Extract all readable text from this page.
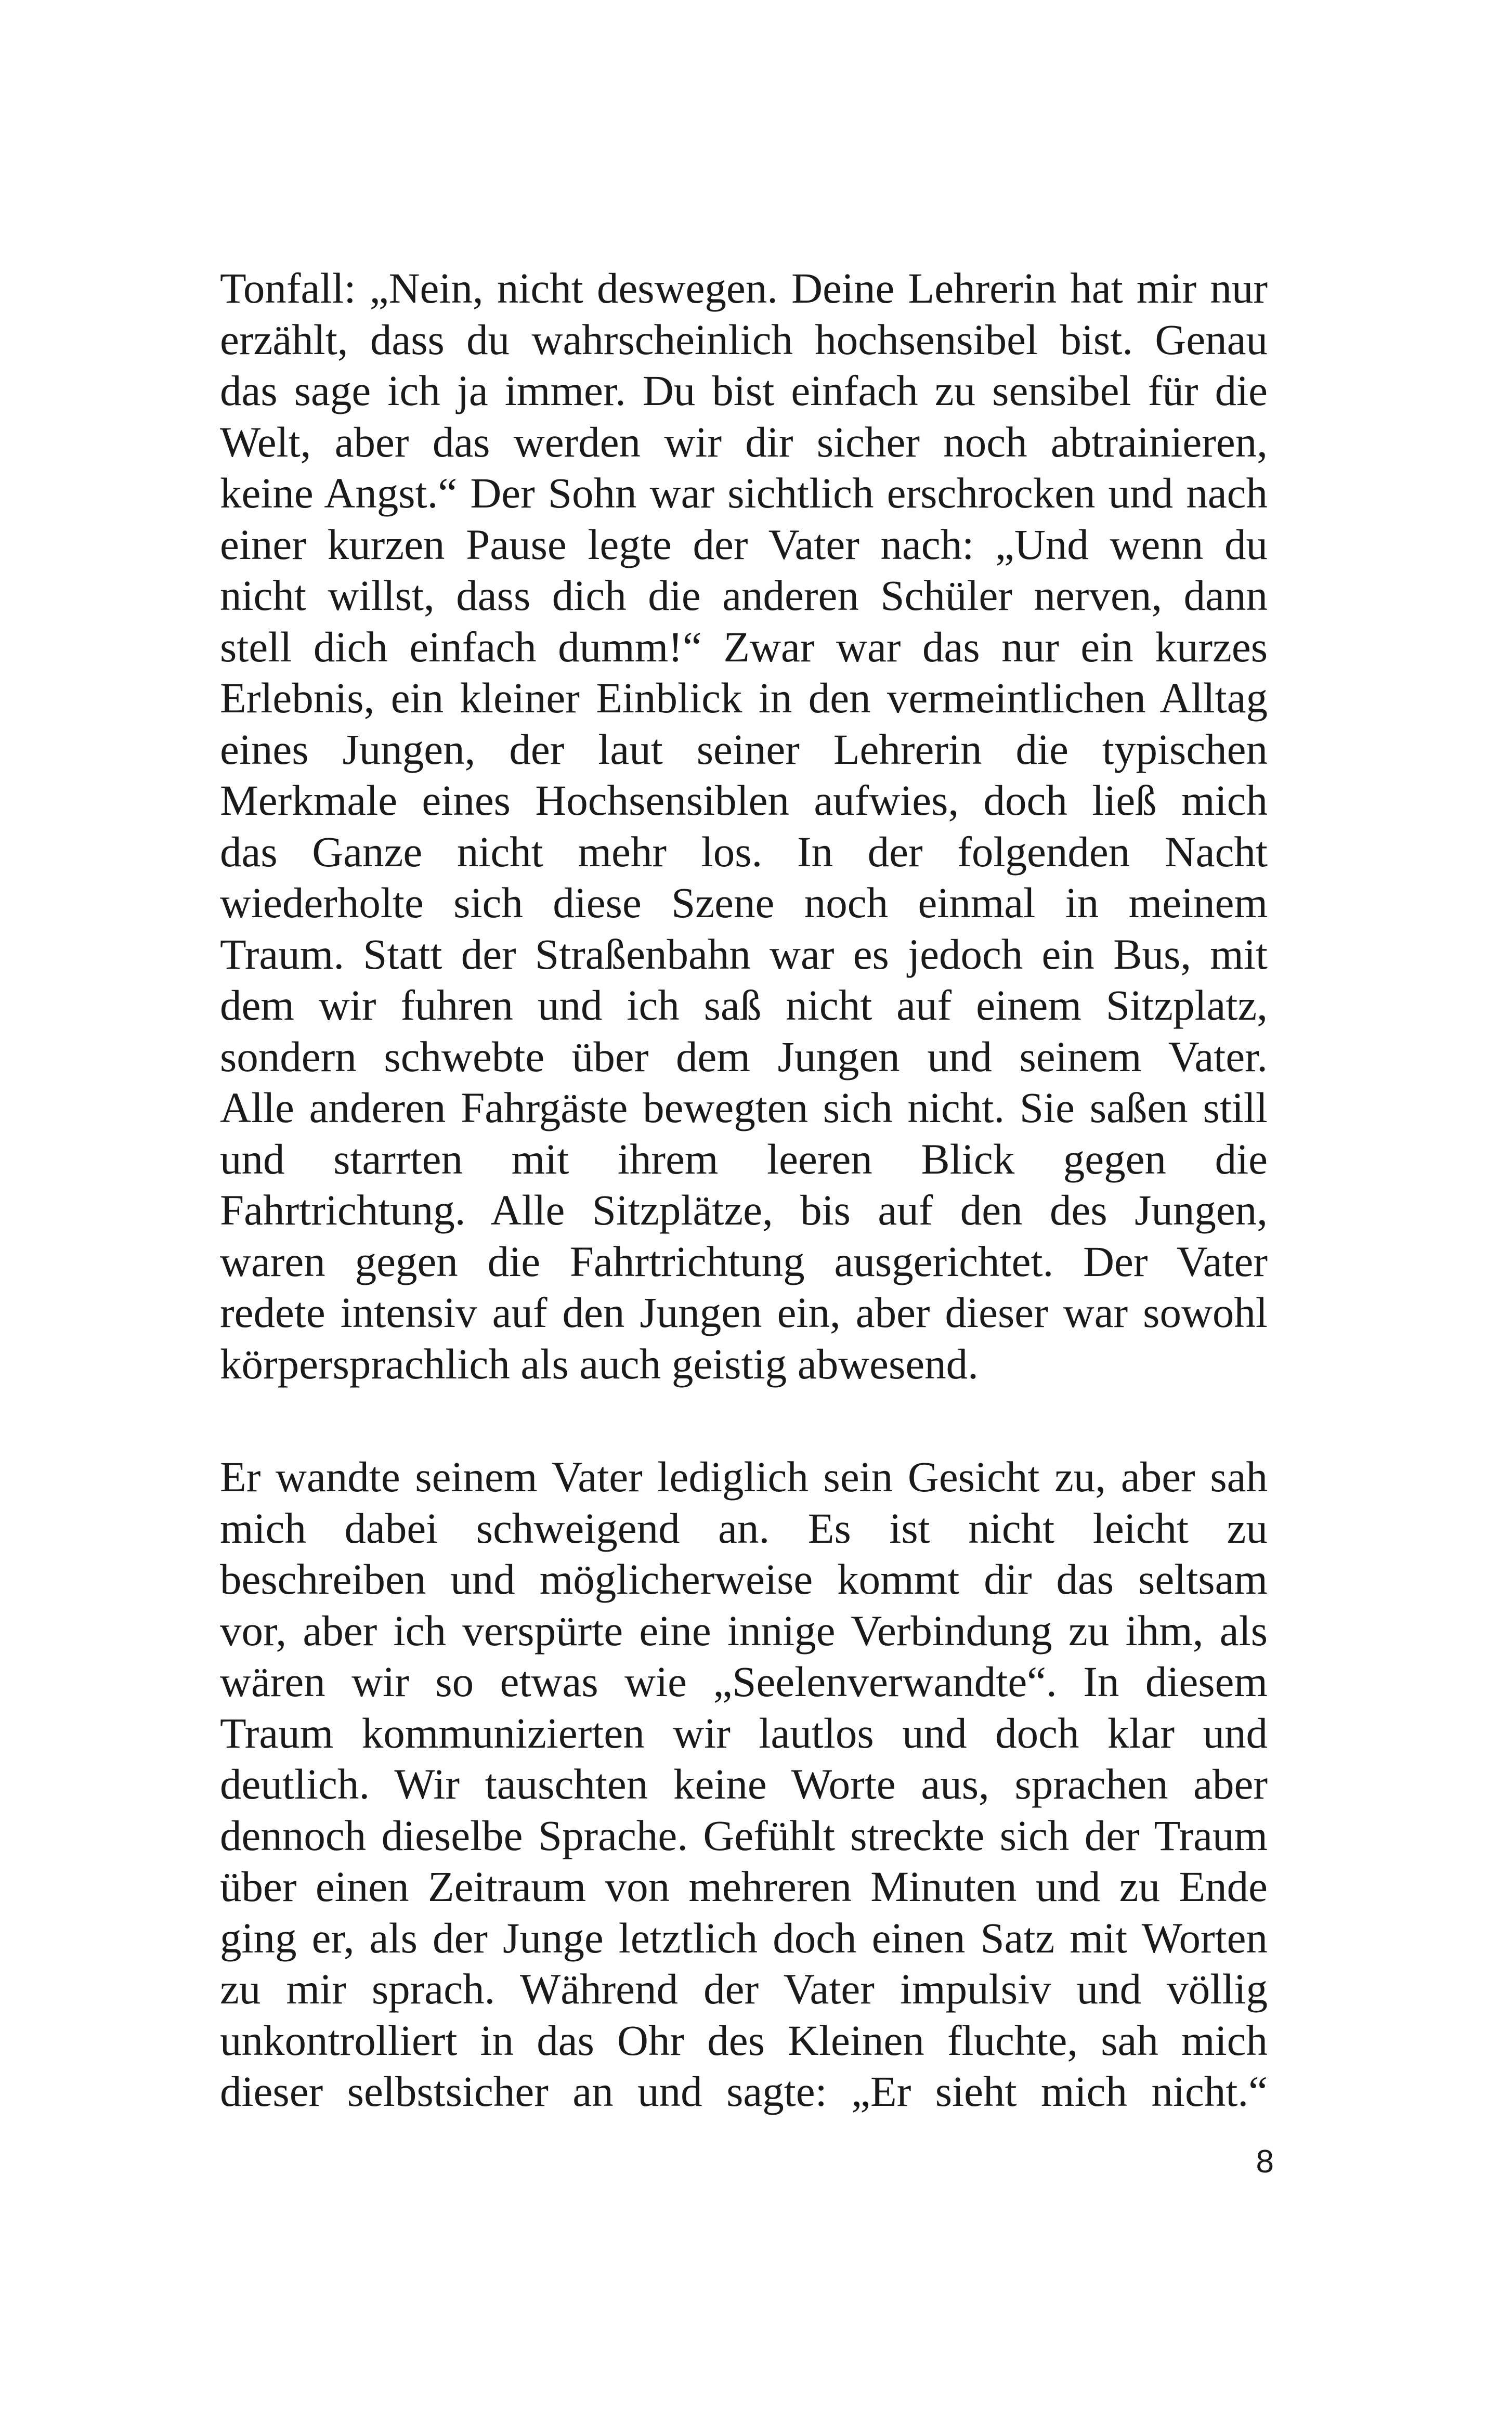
Tonfall: „Nein, nicht deswegen. Deine Lehrerin hat mir nur
erzählt, dass du wahrscheinlich hochsensibel bist. Genau
das sage ich ja immer. Du bist einfach zu sensibel für die
Welt, aber das werden wir dir sicher noch abtrainieren,
keine Angst.“ Der Sohn war sichtlich erschrocken und nach
einer kurzen Pause legte der Vater nach: „Und wenn du
nicht willst, dass dich die anderen Schüler nerven, dann
stell dich einfach dumm!“ Zwar war das nur ein kurzes
Erlebnis, ein kleiner Einblick in den vermeintlichen Alltag
eines Jungen, der laut seiner Lehrerin die typischen
Merkmale eines Hochsensiblen aufwies, doch ließ mich
das Ganze nicht mehr los. In der folgenden Nacht
wiederholte sich diese Szene noch einmal in meinem
Traum. Statt der Straßenbahn war es jedoch ein Bus, mit
dem wir fuhren und ich saß nicht auf einem Sitzplatz,
sondern schwebte über dem Jungen und seinem Vater.
Alle anderen Fahrgäste bewegten sich nicht. Sie saßen still
und starrten mit ihrem leeren Blick gegen die
Fahrtrichtung. Alle Sitzplätze, bis auf den des Jungen,
waren gegen die Fahrtrichtung ausgerichtet. Der Vater
redete intensiv auf den Jungen ein, aber dieser war sowohl
körpersprachlich als auch geistig abwesend.
Er wandte seinem Vater lediglich sein Gesicht zu, aber sah
mich dabei schweigend an. Es ist nicht leicht zu
beschreiben und möglicherweise kommt dir das seltsam
vor, aber ich verspürte eine innige Verbindung zu ihm, als
wären wir so etwas wie „Seelenverwandte“. In diesem
Traum kommunizierten wir lautlos und doch klar und
deutlich. Wir tauschten keine Worte aus, sprachen aber
dennoch dieselbe Sprache. Gefühlt streckte sich der Traum
über einen Zeitraum von mehreren Minuten und zu Ende
ging er, als der Junge letztlich doch einen Satz mit Worten
zu mir sprach. Während der Vater impulsiv und völlig
unkontrolliert in das Ohr des Kleinen fluchte, sah mich
dieser selbstsicher an und sagte: „Er sieht mich nicht.“
8
